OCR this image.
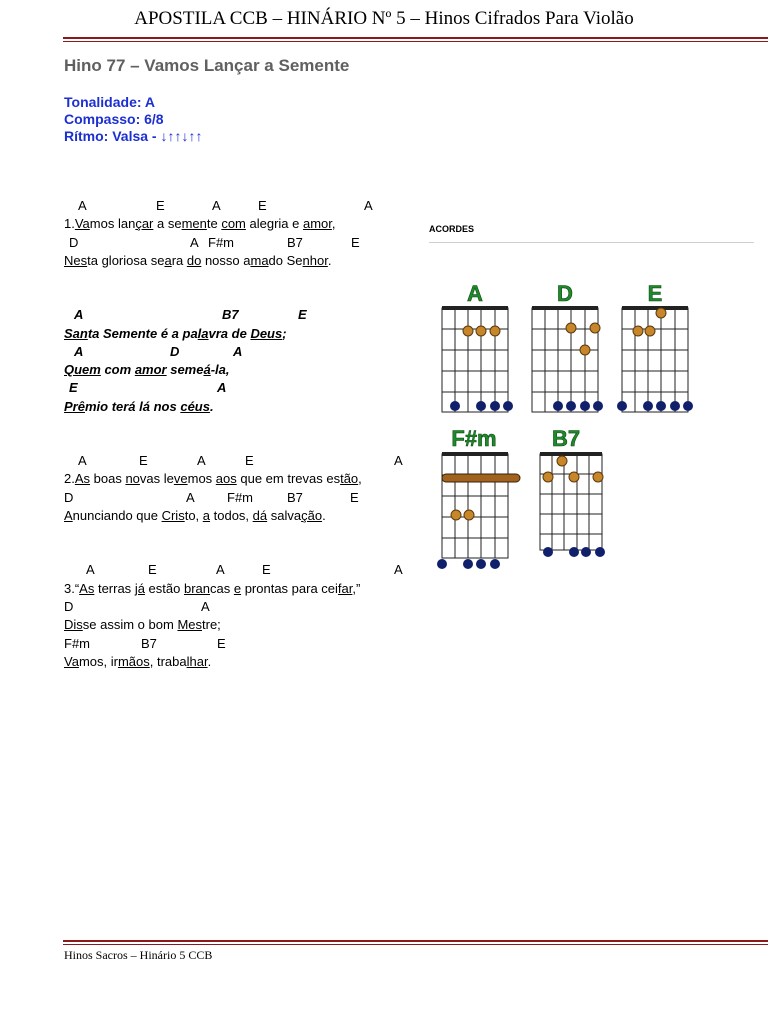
APOSTILA CCB – HINÁRIO Nº 5 – Hinos Cifrados Para Violão
Hino 77 – Vamos Lançar a Semente
Tonalidade: A
Compasso: 6/8
Rítmo: Valsa - ↓↑↑↓↑↑
A	E	A	E	A
1.Vamos lançar a semente com alegria e amor,
D	A F#m	B7	E
Nesta gloriosa seara do nosso amado Senhor.
A	B7	E
Santa Semente é a palavra de Deus;
A	D	A
Quem com amor semeá-la,
E	A
Prêmio terá lá nos céus.
A	E	A	E	A
2.As boas novas levemos aos que em trevas estão,
D	A F#m	B7	E
Anunciando que Cristo, a todos, dá salvação.
A	E	A	E	A
3.“As terras já estão brancas e prontas para ceifar,”
D	A
Disse assim o bom Mestre;
F#m	B7	E
Vamos, irmãos, trabalhar.
ACORDES
A	D	E
F#m	B7
Hinos Sacros – Hinário 5 CCB
